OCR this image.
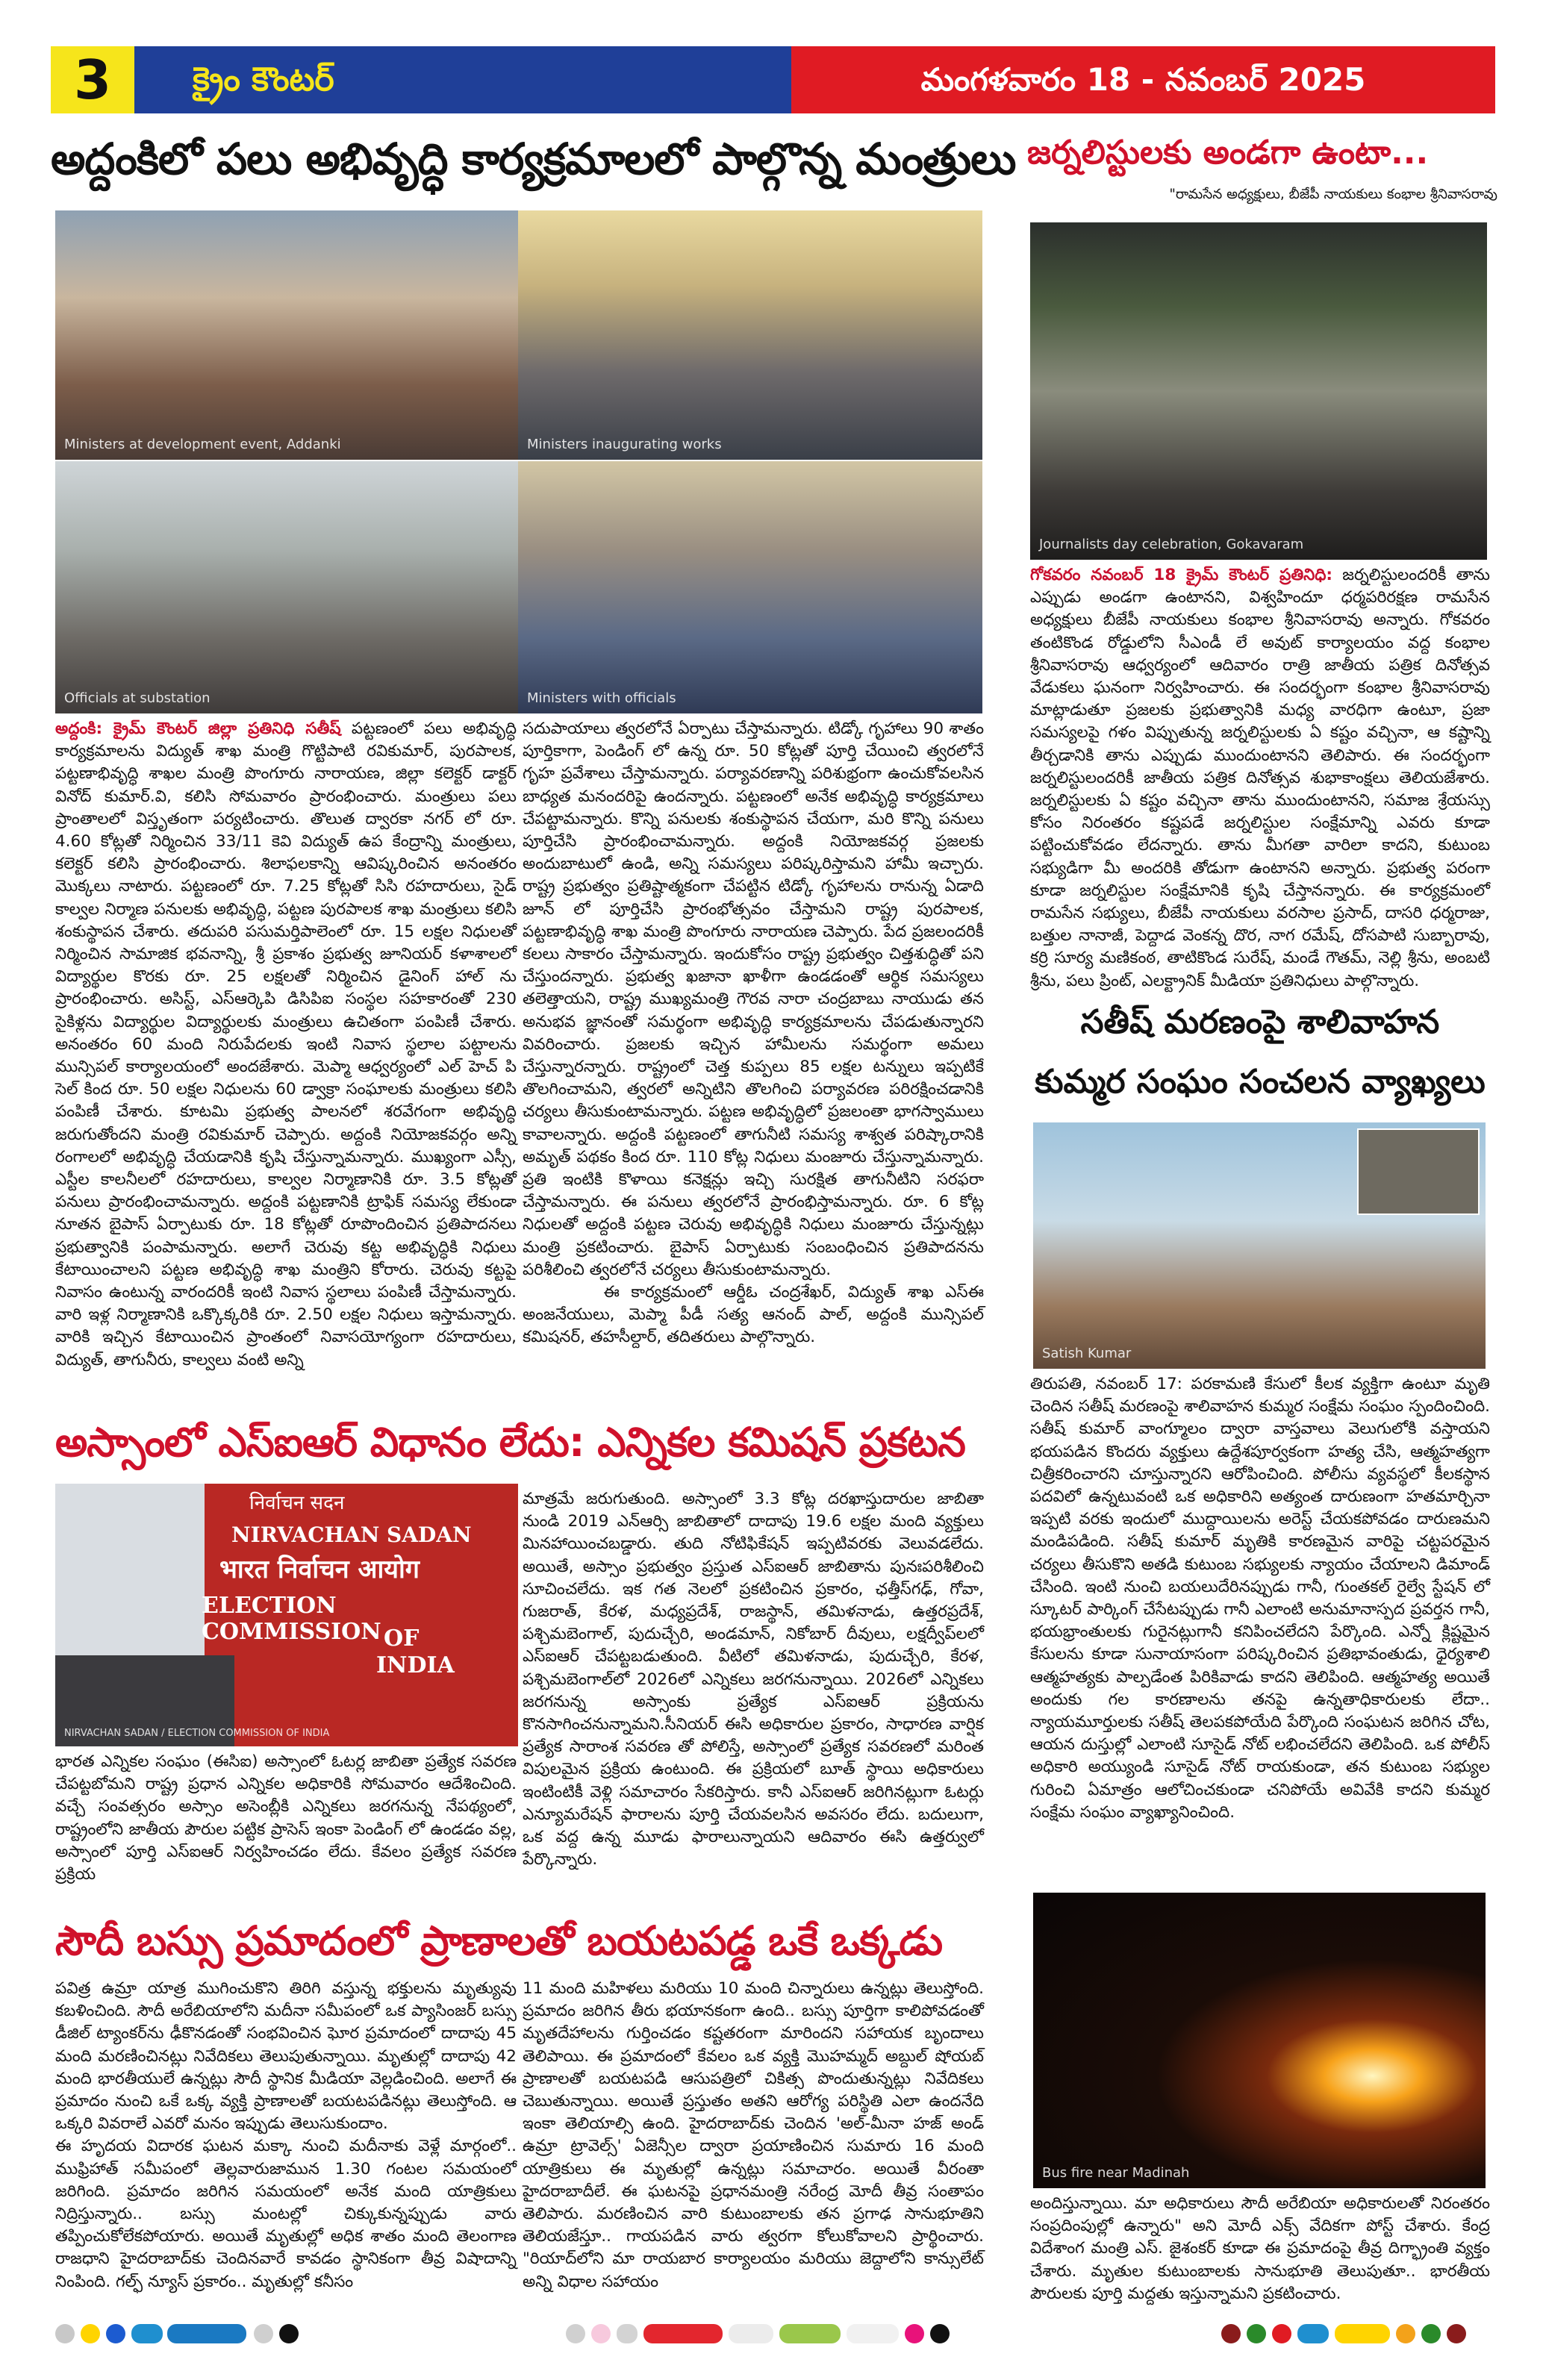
3	క్రైం కౌంటర్	మంగళవారం 18 - నవంబర్ 2025
అద్దంకిలో పలు అభివృద్ధి కార్యక్రమాలలో పాల్గొన్న మంత్రులు
Ministers at development event, Addanki	Ministers inaugurating works
Officials at substation	Ministers with officials
అద్దంకి: క్రైమ్ కౌంటర్ జిల్లా ప్రతినిధి సతీష్ పట్టణంలో పలు అభివృద్ధి కార్యక్రమాలను విద్యుత్ శాఖ మంత్రి గొట్టిపాటి రవికుమార్, పురపాలక, పట్టణాభివృద్ధి శాఖల మంత్రి పొంగూరు నారాయణ, జిల్లా కలెక్టర్ డాక్టర్ వినోద్ కుమార్.వి, కలిసి సోమవారం ప్రారంభించారు. మంత్రులు పలు ప్రాంతాలలో విస్తృతంగా పర్యటించారు. తొలుత ద్వారకా నగర్ లో రూ. 4.60 కోట్లతో నిర్మించిన 33/11 కెవి విద్యుత్ ఉప కేంద్రాన్ని మంత్రులు, కలెక్టర్ కలిసి ప్రారంభించారు. శిలాఫలకాన్ని ఆవిష్కరించిన అనంతరం మొక్కలు నాటారు. పట్టణంలో రూ. 7.25 కోట్లతో సిసి రహదారులు, సైడ్ కాల్వల నిర్మాణ పనులకు అభివృద్ధి, పట్టణ పురపాలక శాఖ మంత్రులు కలిసి శంకుస్థాపన చేశారు. తదుపరి పసుమర్తిపాలెంలో రూ. 15 లక్షల నిధులతో నిర్మించిన సామాజిక భవనాన్ని, శ్రీ ప్రకాశం ప్రభుత్వ జూనియర్ కళాశాలలో విద్యార్థుల కొరకు రూ. 25 లక్షలతో నిర్మించిన డైనింగ్ హాల్ ను ప్రారంభించారు. అసిస్ట్, ఎస్ఆర్కెపి డిసిపిఐ సంస్థల సహకారంతో 230 సైకిళ్లను విద్యార్థుల విద్యార్థులకు మంత్రులు ఉచితంగా పంపిణీ చేశారు. అనంతరం 60 మంది నిరుపేదలకు ఇంటి నివాస స్థలాల పట్టాలను మున్సిపల్ కార్యాలయంలో అందజేశారు. మెప్మా ఆధ్వర్యంలో ఎల్ హెచ్ పి సెల్ కింద రూ. 50 లక్షల నిధులను 60 డ్వాక్రా సంఘాలకు మంత్రులు కలిసి పంపిణీ చేశారు. కూటమి ప్రభుత్వ పాలనలో శరవేగంగా అభివృద్ధి జరుగుతోందని మంత్రి రవికుమార్ చెప్పారు. అద్దంకి నియోజకవర్గం అన్ని రంగాలలో అభివృద్ధి చేయడానికి కృషి చేస్తున్నామన్నారు. ముఖ్యంగా ఎస్సీ, ఎస్టీల కాలనీలలో రహదారులు, కాల్వల నిర్మాణానికి రూ. 3.5 కోట్లతో పనులు ప్రారంభించామన్నారు. అద్దంకి పట్టణానికి ట్రాఫిక్ సమస్య లేకుండా నూతన బైపాస్ ఏర్పాటుకు రూ. 18 కోట్లతో రూపొందించిన ప్రతిపాదనలు ప్రభుత్వానికి పంపామన్నారు. అలాగే చెరువు కట్ట అభివృద్ధికి నిధులు కేటాయించాలని పట్టణ అభివృద్ధి శాఖ మంత్రిని కోరారు. చెరువు కట్టపై నివాసం ఉంటున్న వారందరికీ ఇంటి నివాస స్థలాలు పంపిణీ చేస్తామన్నారు. వారి ఇళ్ల నిర్మాణానికి ఒక్కొక్కరికి రూ. 2.50 లక్షల నిధులు ఇస్తామన్నారు. వారికి ఇచ్చిన కేటాయించిన ప్రాంతంలో నివాసయోగ్యంగా రహదారులు, విద్యుత్, తాగునీరు, కాల్వలు వంటి అన్ని
సదుపాయాలు త్వరలోనే ఏర్పాటు చేస్తామన్నారు. టిడ్కో గృహాలు 90 శాతం పూర్తికాగా, పెండింగ్ లో ఉన్న రూ. 50 కోట్లతో పూర్తి చేయించి త్వరలోనే గృహ ప్రవేశాలు చేస్తామన్నారు. పర్యావరణాన్ని పరిశుభ్రంగా ఉంచుకోవలసిన బాధ్యత మనందరిపై ఉందన్నారు. పట్టణంలో అనేక అభివృద్ధి కార్యక్రమాలు చేపట్టామన్నారు. కొన్ని పనులకు శంకుస్థాపన చేయగా, మరి కొన్ని పనులు పూర్తిచేసి ప్రారంభించామన్నారు. అద్దంకి నియోజకవర్గ ప్రజలకు అందుబాటులో ఉండి, అన్ని సమస్యలు పరిష్కరిస్తామని హామీ ఇచ్చారు. రాష్ట్ర ప్రభుత్వం ప్రతిష్టాత్మకంగా చేపట్టిన టిడ్కో గృహాలను రానున్న ఏడాది జూన్ లో పూర్తిచేసి ప్రారంభోత్సవం చేస్తామని రాష్ట్ర పురపాలక, పట్టణాభివృద్ధి శాఖ మంత్రి పొంగూరు నారాయణ చెప్పారు. పేద ప్రజలందరికీ కలలు సాకారం చేస్తామన్నారు. ఇందుకోసం రాష్ట్ర ప్రభుత్వం చిత్తశుద్ధితో పని చేస్తుందన్నారు. ప్రభుత్వ ఖజానా ఖాళీగా ఉండడంతో ఆర్థిక సమస్యలు తలెత్తాయని, రాష్ట్ర ముఖ్యమంత్రి గౌరవ నారా చంద్రబాబు నాయుడు తన అనుభవ జ్ఞానంతో సమర్థంగా అభివృద్ధి కార్యక్రమాలను చేపడుతున్నారని వివరించారు. ప్రజలకు ఇచ్చిన హామీలను సమర్థంగా అమలు చేస్తున్నారన్నారు. రాష్ట్రంలో చెత్త కుప్పలు 85 లక్షల టన్నులు ఇప్పటికే తొలగించామని, త్వరలో అన్నిటిని తొలగించి పర్యావరణ పరిరక్షించడానికి చర్యలు తీసుకుంటామన్నారు. పట్టణ అభివృద్ధిలో ప్రజలంతా భాగస్వాములు కావాలన్నారు. అద్దంకి పట్టణంలో తాగునీటి సమస్య శాశ్వత పరిష్కారానికి అమృత్ పథకం కింద రూ. 110 కోట్ల నిధులు మంజూరు చేస్తున్నామన్నారు. ప్రతి ఇంటికి కొళాయి కనెక్షన్లు ఇచ్చి సురక్షిత తాగునీటిని సరఫరా చేస్తామన్నారు. ఈ పనులు త్వరలోనే ప్రారంభిస్తామన్నారు. రూ. 6 కోట్ల నిధులతో అద్దంకి పట్టణ చెరువు అభివృద్ధికి నిధులు మంజూరు చేస్తున్నట్లు మంత్రి ప్రకటించారు. బైపాస్ ఏర్పాటుకు సంబంధించిన ప్రతిపాదనను పరిశీలించి త్వరలోనే చర్యలు తీసుకుంటామన్నారు.
ఈ కార్యక్రమంలో ఆర్డీఓ చంద్రశేఖర్, విద్యుత్ శాఖ ఎస్ఈ అంజనేయులు, మెప్మా పీడీ సత్య ఆనంద్ పాల్, అద్దంకి మున్సిపల్ కమిషనర్, తహసీల్దార్, తదితరులు పాల్గొన్నారు.
జర్నలిస్టులకు అండగా ఉంటా...
"రామసేన అధ్యక్షులు, బీజేపీ నాయకులు కంభాల శ్రీనివాసరావు
Journalists day celebration, Gokavaram
గోకవరం నవంబర్ 18 క్రైమ్ కౌంటర్ ప్రతినిధి: జర్నలిస్టులందరికీ తాను ఎప్పుడు అండగా ఉంటానని, విశ్వహిందూ ధర్మపరిరక్షణ రామసేన అధ్యక్షులు బీజేపీ నాయకులు కంభాల శ్రీనివాసరావు అన్నారు. గోకవరం తంటికొండ రోడ్డులోని సీఎండీ లే అవుట్ కార్యాలయం వద్ద కంభాల శ్రీనివాసరావు ఆధ్వర్యంలో ఆదివారం రాత్రి జాతీయ పత్రిక దినోత్సవ వేడుకలు ఘనంగా నిర్వహించారు. ఈ సందర్భంగా కంభాల శ్రీనివాసరావు మాట్లాడుతూ ప్రజలకు ప్రభుత్వానికి మధ్య వారధిగా ఉంటూ, ప్రజా సమస్యలపై గళం విప్పుతున్న జర్నలిస్టులకు ఏ కష్టం వచ్చినా, ఆ కష్టాన్ని తీర్చడానికి తాను ఎప్పుడు ముందుంటానని తెలిపారు. ఈ సందర్భంగా జర్నలిస్టులందరికీ జాతీయ పత్రిక దినోత్సవ శుభాకాంక్షలు తెలియజేశారు. జర్నలిస్టులకు ఏ కష్టం వచ్చినా తాను ముందుంటానని, సమాజ శ్రేయస్సు కోసం నిరంతరం కష్టపడే జర్నలిస్టుల సంక్షేమాన్ని ఎవరు కూడా పట్టించుకోవడం లేదన్నారు. తాను మీగతా వారిలా కాదని, కుటుంబ సభ్యుడిగా మీ అందరికి తోడుగా ఉంటానని అన్నారు. ప్రభుత్వ పరంగా కూడా జర్నలిస్టుల సంక్షేమానికి కృషి చేస్తానన్నారు. ఈ కార్యక్రమంలో రామసేన సభ్యులు, బీజేపీ నాయకులు వరసాల ప్రసాద్, దాసరి ధర్మరాజు, బత్తుల నానాజీ, పెద్దాడ వెంకన్న దొర, నాగ రమేష్, దోసపాటి సుబ్బారావు, కర్రి సూర్య మణికంఠ, తాటికొండ సురేష్, మండే గౌతమ్, నెల్లి శ్రీను, అంబటి శ్రీను, పలు ప్రింట్, ఎలక్ట్రానిక్ మీడియా ప్రతినిధులు పాల్గొన్నారు.
సతీష్ మరణంపై శాలివాహన
కుమ్మర సంఘం సంచలన వ్యాఖ్యలు
Satish Kumar
తిరుపతి, నవంబర్ 17: పరకామణి కేసులో కీలక వ్యక్తిగా ఉంటూ మృతి చెందిన సతీష్ మరణంపై శాలివాహన కుమ్మర సంక్షేమ సంఘం స్పందించింది. సతీష్ కుమార్ వాంగ్మూలం ద్వారా వాస్తవాలు వెలుగులోకి వస్తాయని భయపడిన కొందరు వ్యక్తులు ఉద్దేశపూర్వకంగా హత్య చేసి, ఆత్మహత్యగా చిత్రీకరించారని చూస్తున్నారని ఆరోపించింది. పోలీసు వ్యవస్థలో కీలకస్థాన పదవిలో ఉన్నటువంటి ఒక అధికారిని అత్యంత దారుణంగా హతమార్చినా ఇప్పటి వరకు ఇందులో ముద్దాయిలను అరెస్ట్ చేయకపోవడం దారుణమని మండిపడింది. సతీష్ కుమార్ మృతికి కారణమైన వారిపై చట్టపరమైన చర్యలు తీసుకొని అతడి కుటుంబ సభ్యులకు న్యాయం చేయాలని డిమాండ్ చేసింది. ఇంటి నుంచి బయలుదేరినప్పుడు గానీ, గుంతకల్ రైల్వే స్టేషన్ లో స్కూటర్ పార్కింగ్ చేసేటప్పుడు గానీ ఎలాంటి అనుమానాస్పద ప్రవర్తన గానీ, భయభ్రాంతులకు గురైనట్లుగానీ కనిపించలేదని పేర్కొంది. ఎన్నో క్లిష్టమైన కేసులను కూడా సునాయాసంగా పరిష్కరించిన ప్రతిభావంతుడు, ధైర్యశాలి ఆత్మహత్యకు పాల్పడేంత పిరికివాడు కాదని తెలిపింది. ఆత్మహత్య అయితే అందుకు గల కారణాలను తనపై ఉన్నతాధికారులకు లేదా.. న్యాయమూర్తులకు సతీష్ తెలపకపోయేది పేర్కొంది సంఘటన జరిగిన చోట, ఆయన దుస్తుల్లో ఎలాంటి సూసైడ్ నోట్ లభించలేదని తెలిపింది. ఒక పోలీస్ అధికారి అయ్యుండి సూసైడ్ నోట్ రాయకుండా, తన కుటుంబ సభ్యుల గురించి ఏమాత్రం ఆలోచించకుండా చనిపోయే అవివేకి కాదని కుమ్మర సంక్షేమ సంఘం వ్యాఖ్యానించింది.
అస్సాంలో ఎస్ఐఆర్ విధానం లేదు: ఎన్నికల కమిషన్ ప్రకటన
निर्वाचन सदन
NIRVACHAN SADAN
भारत निर्वाचन आयोग
ELECTION COMMISSION OF
INDIA
NIRVACHAN SADAN / ELECTION COMMISSION OF INDIA
భారత ఎన్నికల సంఘం (ఈసిఐ) అస్సాంలో ఓటర్ల జాబితా ప్రత్యేక సవరణ చేపట్టబోమని రాష్ట్ర ప్రధాన ఎన్నికల అధికారికి సోమవారం ఆదేశించింది. వచ్చే సంవత్సరం అస్సాం అసెంబ్లీకి ఎన్నికలు జరగనున్న నేపథ్యంలో, రాష్ట్రంలోని జాతీయ పౌరుల పట్టిక ప్రాసెస్ ఇంకా పెండింగ్ లో ఉండడం వల్ల, అస్సాంలో పూర్తి ఎస్ఐఆర్ నిర్వహించడం లేదు. కేవలం ప్రత్యేక సవరణ ప్రక్రియ
మాత్రమే జరుగుతుంది. అస్సాంలో 3.3 కోట్ల దరఖాస్తుదారుల జాబితా నుండి 2019 ఎన్ఆర్సి జాబితాలో దాదాపు 19.6 లక్షల మంది వ్యక్తులు మినహాయించబడ్డారు. తుది నోటిఫికేషన్ ఇప్పటివరకు వెలువడలేదు. అయితే, అస్సాం ప్రభుత్వం ప్రస్తుత ఎస్ఐఆర్ జాబితాను పునఃపరిశీలించి సూచించలేదు. ఇక గత నెలలో ప్రకటించిన ప్రకారం, ఛత్తీస్‌గఢ్, గోవా, గుజరాత్, కేరళ, మధ్యప్రదేశ్, రాజస్థాన్, తమిళనాడు, ఉత్తరప్రదేశ్, పశ్చిమబెంగాల్, పుదుచ్చేరి, అండమాన్, నికోబార్ దీవులు, లక్షద్వీప్‌లలో ఎస్ఐఆర్ చేపట్టబడుతుంది. వీటిలో తమిళనాడు, పుదుచ్చేరి, కేరళ, పశ్చిమబెంగాల్‌లో 2026లో ఎన్నికలు జరగనున్నాయి. 2026లో ఎన్నికలు జరగనున్న అస్సాంకు ప్రత్యేక ఎస్ఐఆర్ ప్రక్రియను కొనసాగించనున్నామని.సీనియర్ ఈసి అధికారుల ప్రకారం, సాధారణ వార్షిక ప్రత్యేక సారాంశ సవరణ తో పోలిస్తే, అస్సాంలో ప్రత్యేక సవరణలో మరింత విపులమైన ప్రక్రియ ఉంటుంది. ఈ ప్రక్రియలో బూత్ స్థాయి అధికారులు ఇంటింటికీ వెళ్లి సమాచారం సేకరిస్తారు. కానీ ఎస్ఐఆర్ జరిగినట్లుగా ఓటర్లు ఎన్యూమరేషన్ ఫారాలను పూర్తి చేయవలసిన అవసరం లేదు. బదులుగా, ఒక వద్ద ఉన్న మూడు ఫారాలున్నాయని ఆదివారం ఈసి ఉత్తర్వులో పేర్కొన్నారు.
సౌదీ బస్సు ప్రమాదంలో ప్రాణాలతో బయటపడ్డ ఒకే ఒక్కడు
పవిత్ర ఉమ్రా యాత్ర ముగించుకొని తిరిగి వస్తున్న భక్తులను మృత్యువు కబళించింది. సౌదీ అరేబియాలోని మదీనా సమీపంలో ఒక ప్యాసింజర్ బస్సు డీజిల్ ట్యాంకర్‌ను ఢీకొనడంతో సంభవించిన ఘోర ప్రమాదంలో దాదాపు 45 మంది మరణించినట్లు నివేదికలు తెలుపుతున్నాయి. మృతుల్లో దాదాపు 42 మంది భారతీయులే ఉన్నట్లు సౌదీ స్థానిక మీడియా వెల్లడించింది. అలాగే ఈ ప్రమాదం నుంచి ఒకే ఒక్క వ్యక్తి ప్రాణాలతో బయటపడినట్లు తెలుస్తోంది. ఆ ఒక్కరి వివరాలే ఎవరో మనం ఇప్పుడు తెలుసుకుందాం.
ఈ హృదయ విదారక ఘటన మక్కా నుంచి మదీనాకు వెళ్లే మార్గంలో.. ముఫ్రిహాత్ సమీపంలో తెల్లవారుజామున 1.30 గంటల సమయంలో జరిగింది. ప్రమాదం జరిగిన సమయంలో అనేక మంది యాత్రికులు నిద్రిస్తున్నారు.. బస్సు మంటల్లో చిక్కుకున్నప్పుడు వారు తప్పించుకోలేకపోయారు. అయితే మృతుల్లో అధిక శాతం మంది తెలంగాణ రాజధాని హైదరాబాద్‌కు చెందినవారే కావడం స్థానికంగా తీవ్ర విషాదాన్ని నింపింది. గల్ఫ్ న్యూస్ ప్రకారం.. మృతుల్లో కనీసం
11 మంది మహిళలు మరియు 10 మంది చిన్నారులు ఉన్నట్లు తెలుస్తోంది. ప్రమాదం జరిగిన తీరు భయానకంగా ఉంది.. బస్సు పూర్తిగా కాలిపోవడంతో మృతదేహాలను గుర్తించడం కష్టతరంగా మారిందని సహాయక బృందాలు తెలిపాయి. ఈ ప్రమాదంలో కేవలం ఒక వ్యక్తి మొహమ్మద్ అబ్దుల్ షోయబ్ ప్రాణాలతో బయటపడి ఆసుపత్రిలో చికిత్స పొందుతున్నట్లు నివేదికలు చెబుతున్నాయి. అయితే ప్రస్తుతం అతని ఆరోగ్య పరిస్థితి ఎలా ఉందనేది ఇంకా తెలియాల్సి ఉంది. హైదరాబాద్‌కు చెందిన 'అల్-మీనా హజ్ అండ్ ఉమ్రా ట్రావెల్స్' ఏజెన్సీల ద్వారా ప్రయాణించిన సుమారు 16 మంది యాత్రికులు ఈ మృతుల్లో ఉన్నట్లు సమాచారం. అయితే వీరంతా హైదరాబాదీలే. ఈ ఘటనపై ప్రధానమంత్రి నరేంద్ర మోదీ తీవ్ర సంతాపం తెలిపారు. మరణించిన వారి కుటుంబాలకు తన ప్రగాఢ సానుభూతిని తెలియజేస్తూ.. గాయపడిన వారు త్వరగా కోలుకోవాలని ప్రార్థించారు. "రియాద్‌లోని మా రాయబార కార్యాలయం మరియు జెద్దాలోని కాన్సులేట్ అన్ని విధాల సహాయం
Bus fire near Madinah
అందిస్తున్నాయి. మా అధికారులు సౌదీ అరేబియా అధికారులతో నిరంతరం సంప్రదింపుల్లో ఉన్నారు" అని మోదీ ఎక్స్ వేదికగా పోస్ట్ చేశారు. కేంద్ర విదేశాంగ మంత్రి ఎస్. జైశంకర్ కూడా ఈ ప్రమాదంపై తీవ్ర దిగ్భ్రాంతి వ్యక్తం చేశారు. మృతుల కుటుంబాలకు సానుభూతి తెలుపుతూ.. భారతీయ పౌరులకు పూర్తి మద్దతు ఇస్తున్నామని ప్రకటించారు.
